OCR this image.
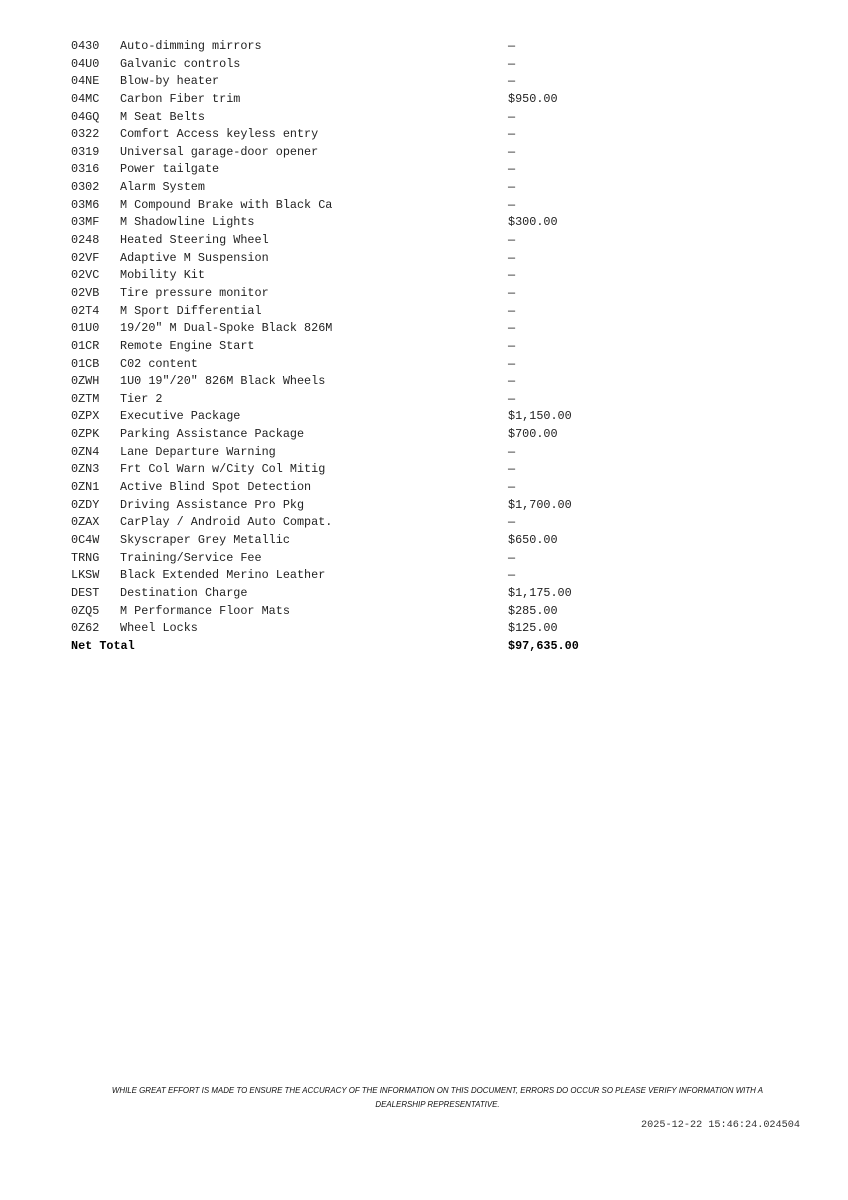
0430 Auto-dimming mirrors	—
04U0 Galvanic controls	—
04NE Blow-by heater	—
04MC Carbon Fiber trim	$950.00
04GQ M Seat Belts	—
0322 Comfort Access keyless entry	—
0319 Universal garage-door opener	—
0316 Power tailgate	—
0302 Alarm System	—
03M6 M Compound Brake with Black Ca	—
03MF M Shadowline Lights	$300.00
0248 Heated Steering Wheel	—
02VF Adaptive M Suspension	—
02VC Mobility Kit	—
02VB Tire pressure monitor	—
02T4 M Sport Differential	—
01U0 19/20" M Dual-Spoke Black 826M	—
01CR Remote Engine Start	—
01CB C02 content	—
0ZWH 1U0 19"/20" 826M Black Wheels	—
0ZTM Tier 2	—
0ZPX Executive Package	$1,150.00
0ZPK Parking Assistance Package	$700.00
0ZN4 Lane Departure Warning	—
0ZN3 Frt Col Warn w/City Col Mitig	—
0ZN1 Active Blind Spot Detection	—
0ZDY Driving Assistance Pro Pkg	$1,700.00
0ZAX CarPlay / Android Auto Compat.	—
0C4W Skyscraper Grey Metallic	$650.00
TRNG Training/Service Fee	—
LKSW Black Extended Merino Leather	—
DEST Destination Charge	$1,175.00
0ZQ5 M Performance Floor Mats	$285.00
0Z62 Wheel Locks	$125.00
Net Total	$97,635.00
WHILE GREAT EFFORT IS MADE TO ENSURE THE ACCURACY OF THE INFORMATION ON THIS DOCUMENT, ERRORS DO OCCUR SO PLEASE VERIFY INFORMATION WITH A
DEALERSHIP REPRESENTATIVE.
2025-12-22 15:46:24.024504
